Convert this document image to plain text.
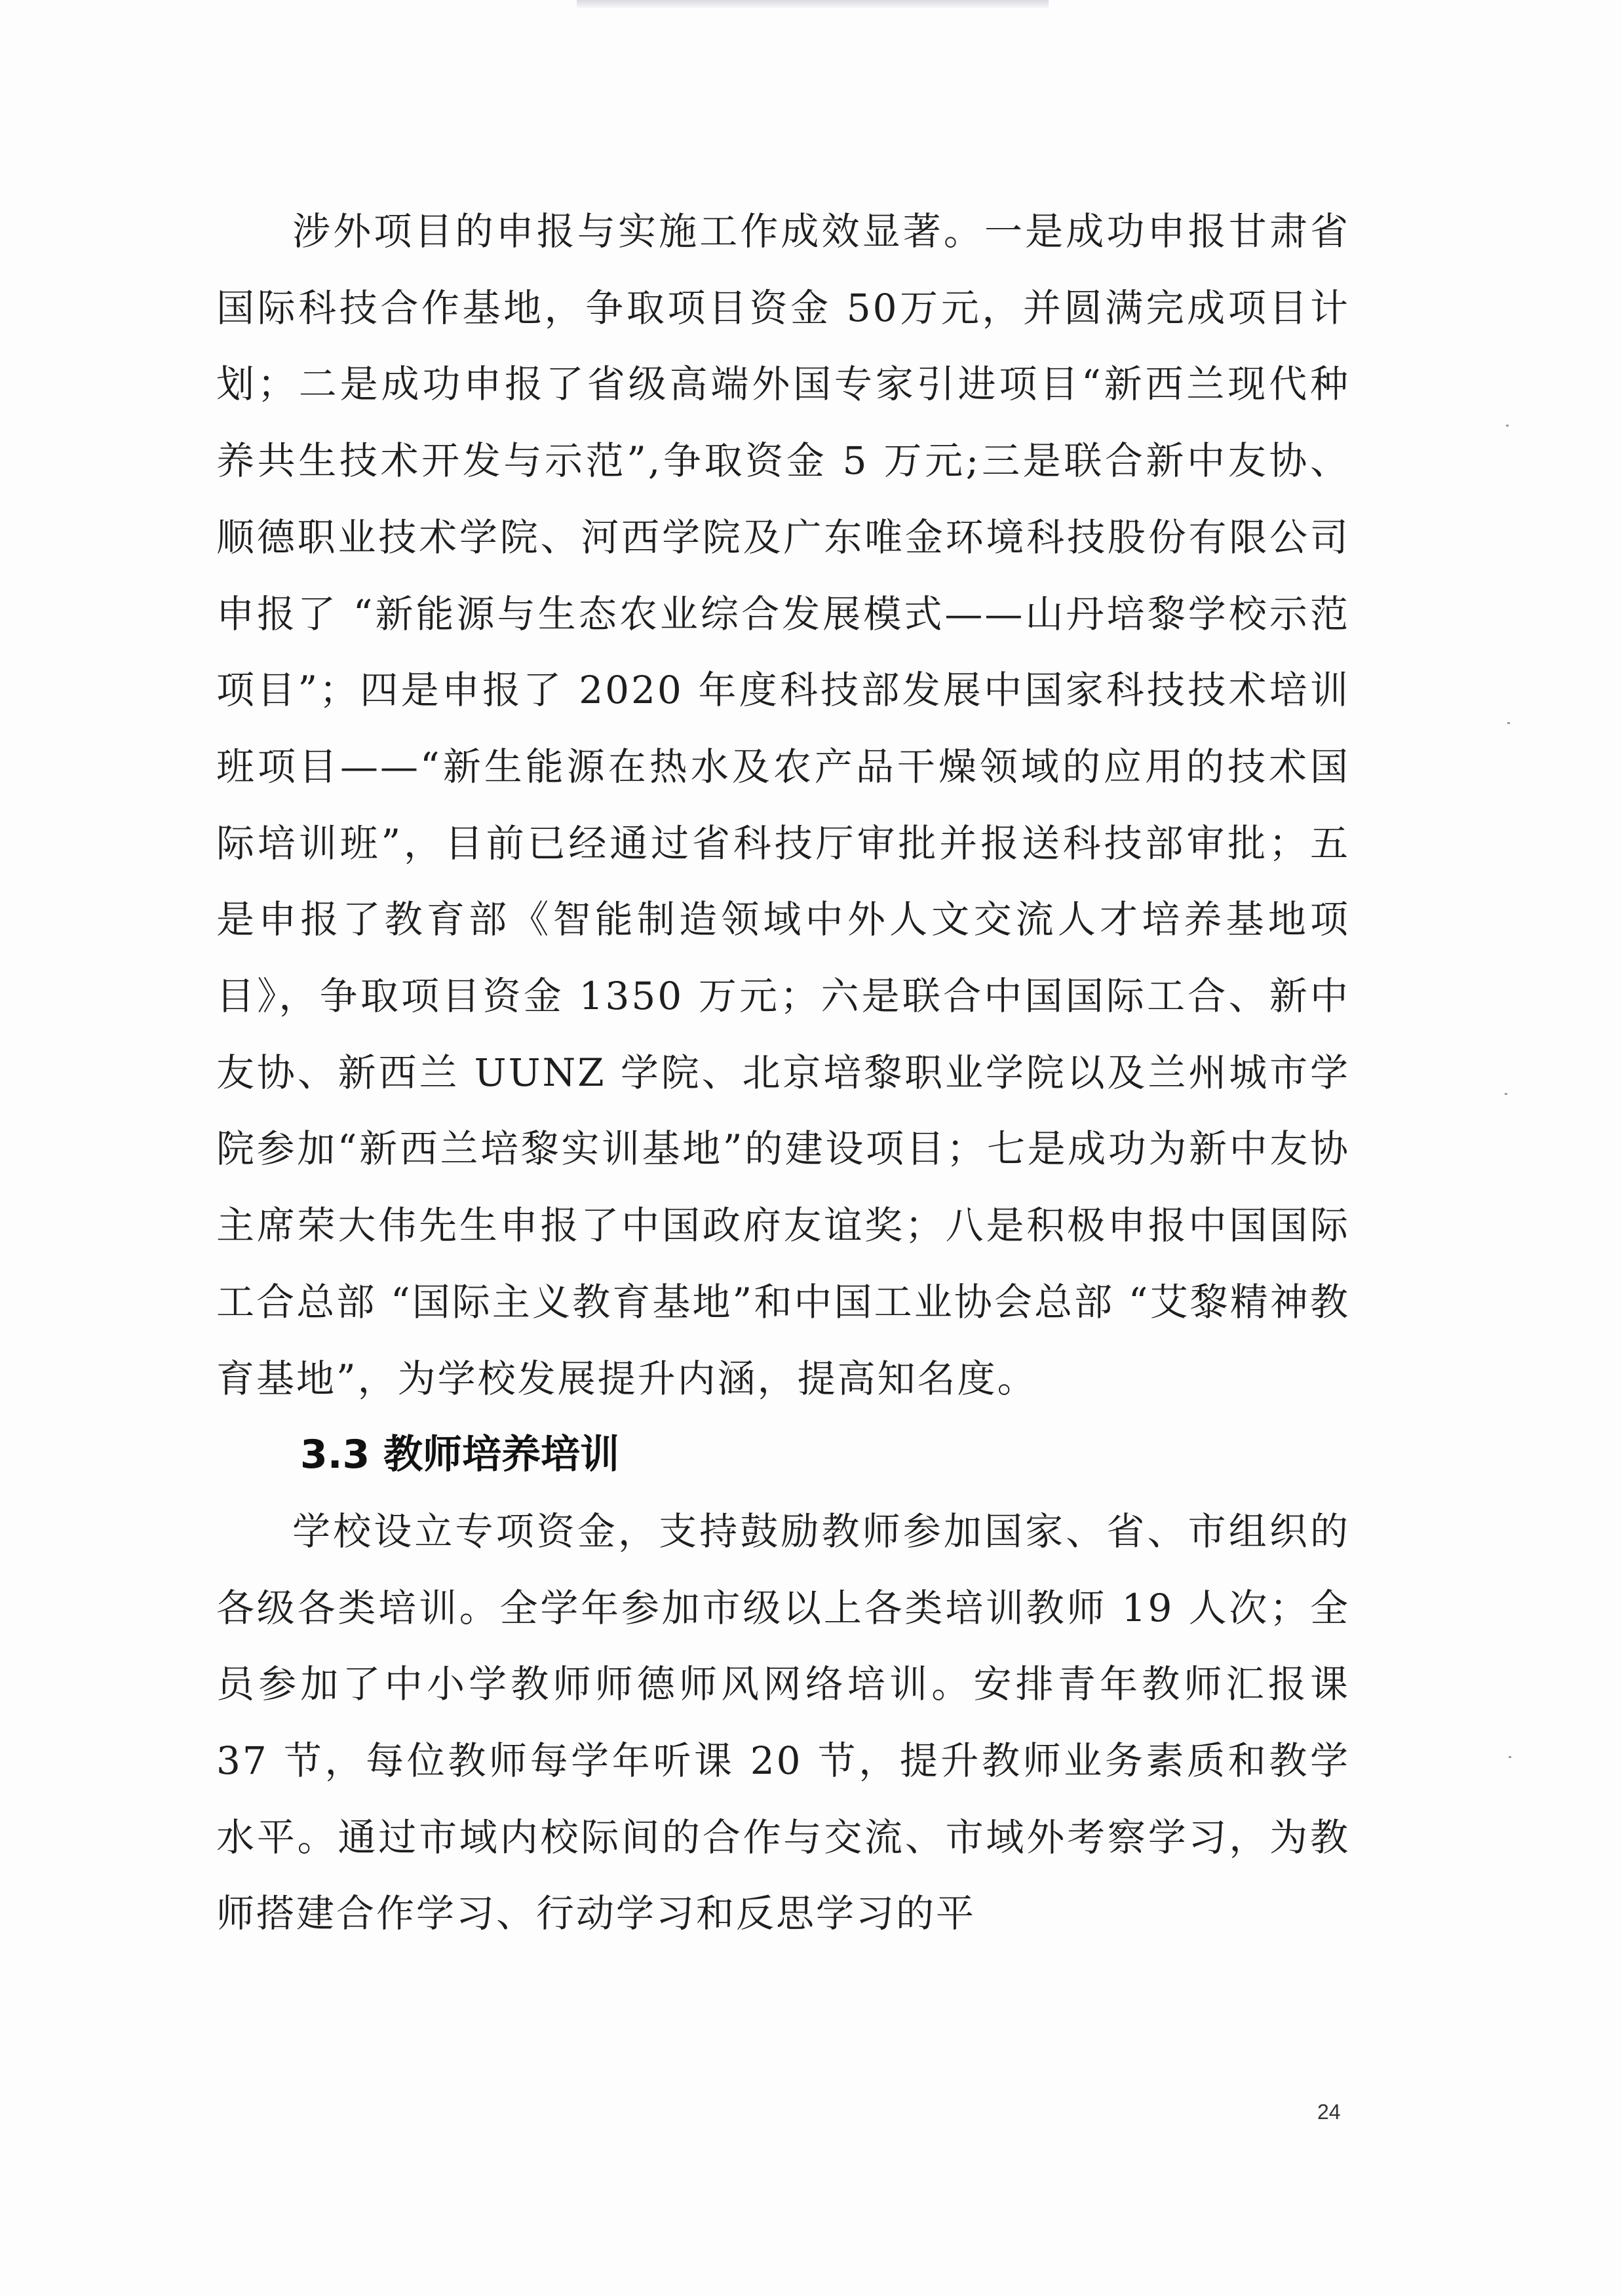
涉外项目的申报与实施工作成效显著。一是成功申报甘肃省国际科技合作基地，争取项目资金 50万元，并圆满完成项目计划；二是成功申报了省级高端外国专家引进项目“新西兰现代种养共生技术开发与示范”,争取资金 5 万元;三是联合新中友协、顺德职业技术学院、河西学院及广东唯金环境科技股份有限公司申报了 “新能源与生态农业综合发展模式——山丹培黎学校示范项目”；四是申报了 2020 年度科技部发展中国家科技技术培训班项目——“新生能源在热水及农产品干燥领域的应用的技术国际培训班”，目前已经通过省科技厅审批并报送科技部审批；五是申报了教育部《智能制造领域中外人文交流人才培养基地项目》，争取项目资金 1350 万元；六是联合中国国际工合、新中友协、新西兰 UUNZ 学院、北京培黎职业学院以及兰州城市学院参加“新西兰培黎实训基地”的建设项目；七是成功为新中友协主席荣大伟先生申报了中国政府友谊奖；八是积极申报中国国际工合总部 “国际主义教育基地”和中国工业协会总部 “艾黎精神教育基地”，为学校发展提升内涵，提高知名度。

3.3 教师培养培训

学校设立专项资金，支持鼓励教师参加国家、省、市组织的各级各类培训。全学年参加市级以上各类培训教师 19 人次；全员参加了中小学教师师德师风网络培训。安排青年教师汇报课 37 节，每位教师每学年听课 20 节，提升教师业务素质和教学水平。通过市域内校际间的合作与交流、市域外考察学习，为教师搭建合作学习、行动学习和反思学习的平

24
